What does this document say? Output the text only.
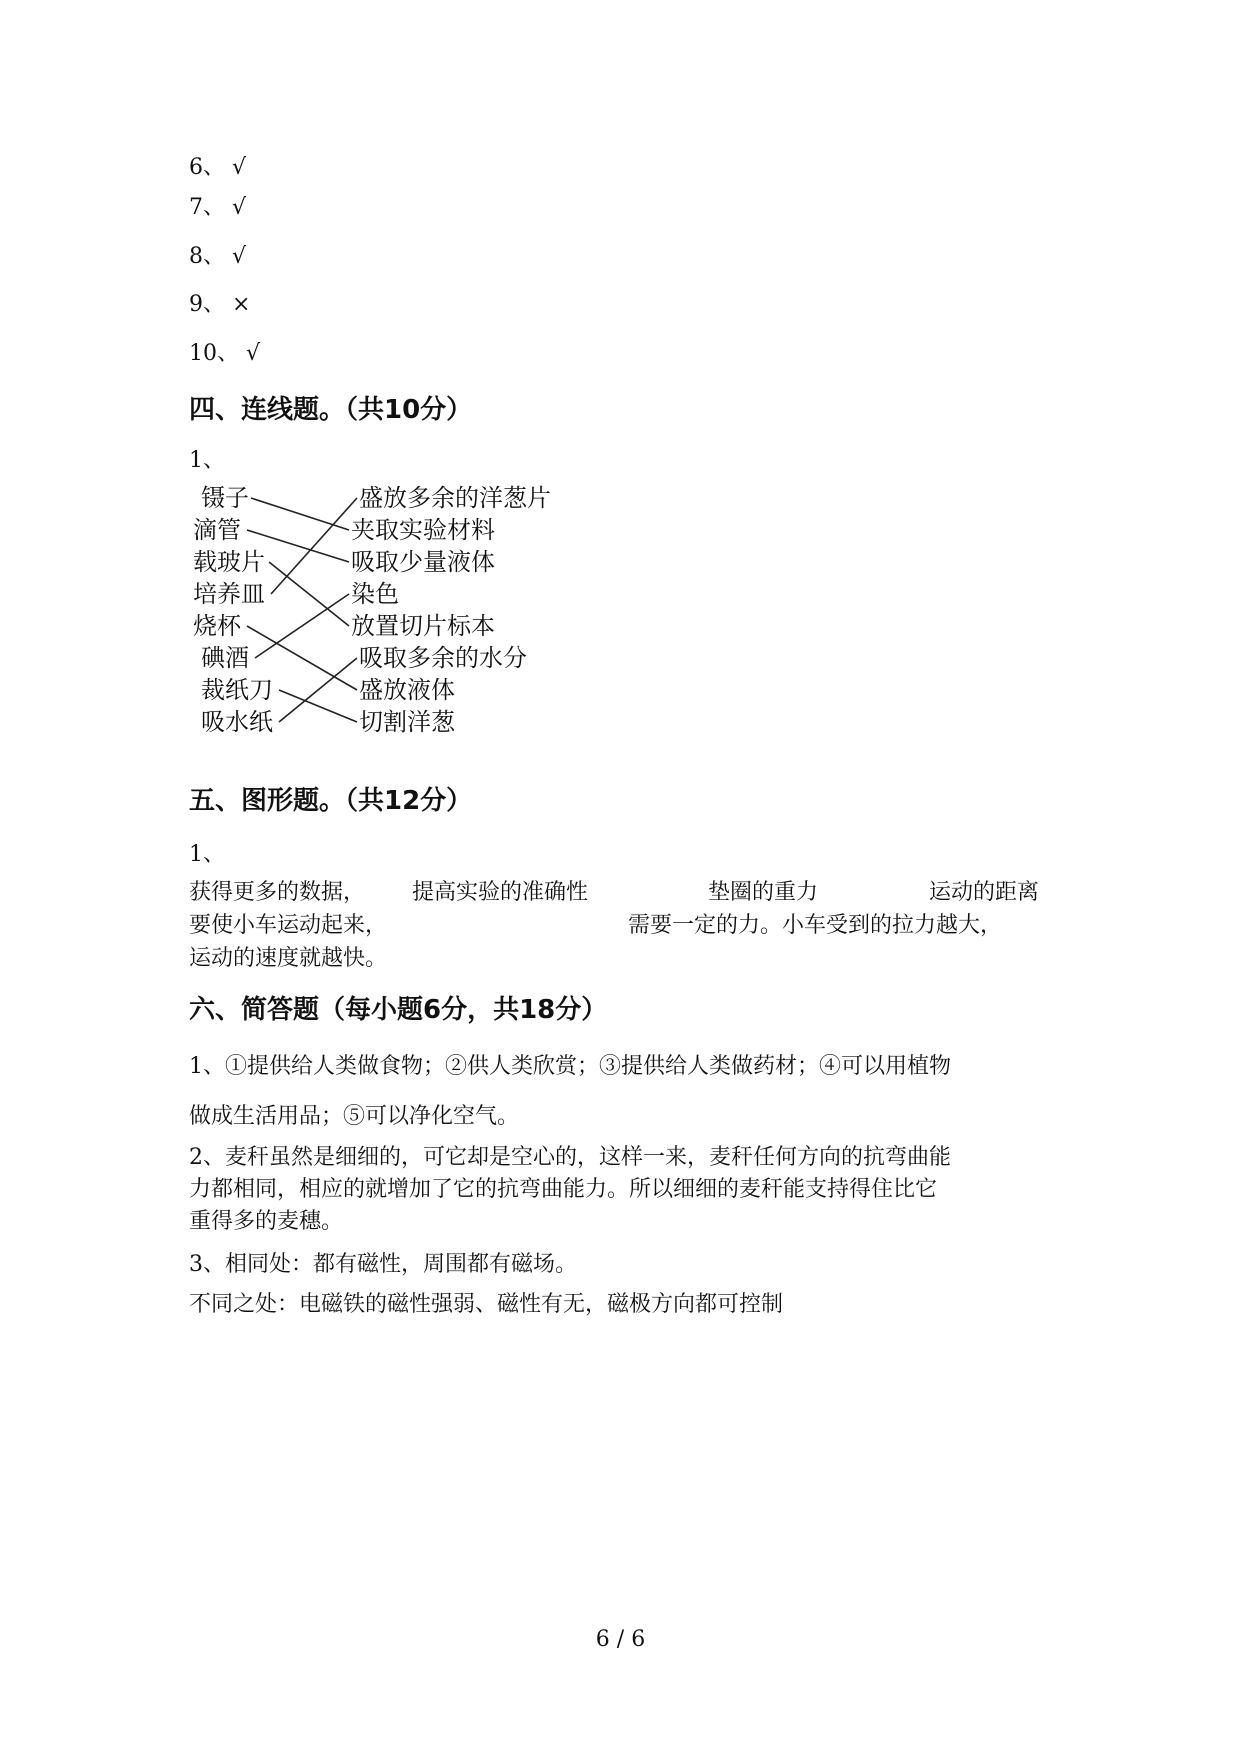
6、 √
7、 √
8、 √
9、 ×
10、 √
四、连线题。（共10分）
1、
镊子
滴管
载玻片
培养皿
烧杯
碘酒
裁纸刀
吸水纸
盛放多余的洋葱片
夹取实验材料
吸取少量液体
染色
放置切片标本
吸取多余的水分
盛放液体
切割洋葱
五、图形题。（共12分）
1、
获得更多的数据， 提高实验的准确性	垫圈的重力	运动的距离
要使小车运动起来，	需要一定的力。小车受到的拉力越大，
运动的速度就越快。
六、简答题（每小题6分，共18分）
1、①提供给人类做食物；②供人类欣赏；③提供给人类做药材；④可以用植物
做成生活用品；⑤可以净化空气。
2、麦秆虽然是细细的，可它却是空心的，这样一来，麦秆任何方向的抗弯曲能
力都相同，相应的就增加了它的抗弯曲能力。所以细细的麦秆能支持得住比它
重得多的麦穗。
3、相同处：都有磁性，周围都有磁场。
不同之处：电磁铁的磁性强弱、磁性有无，磁极方向都可控制
6 / 6
